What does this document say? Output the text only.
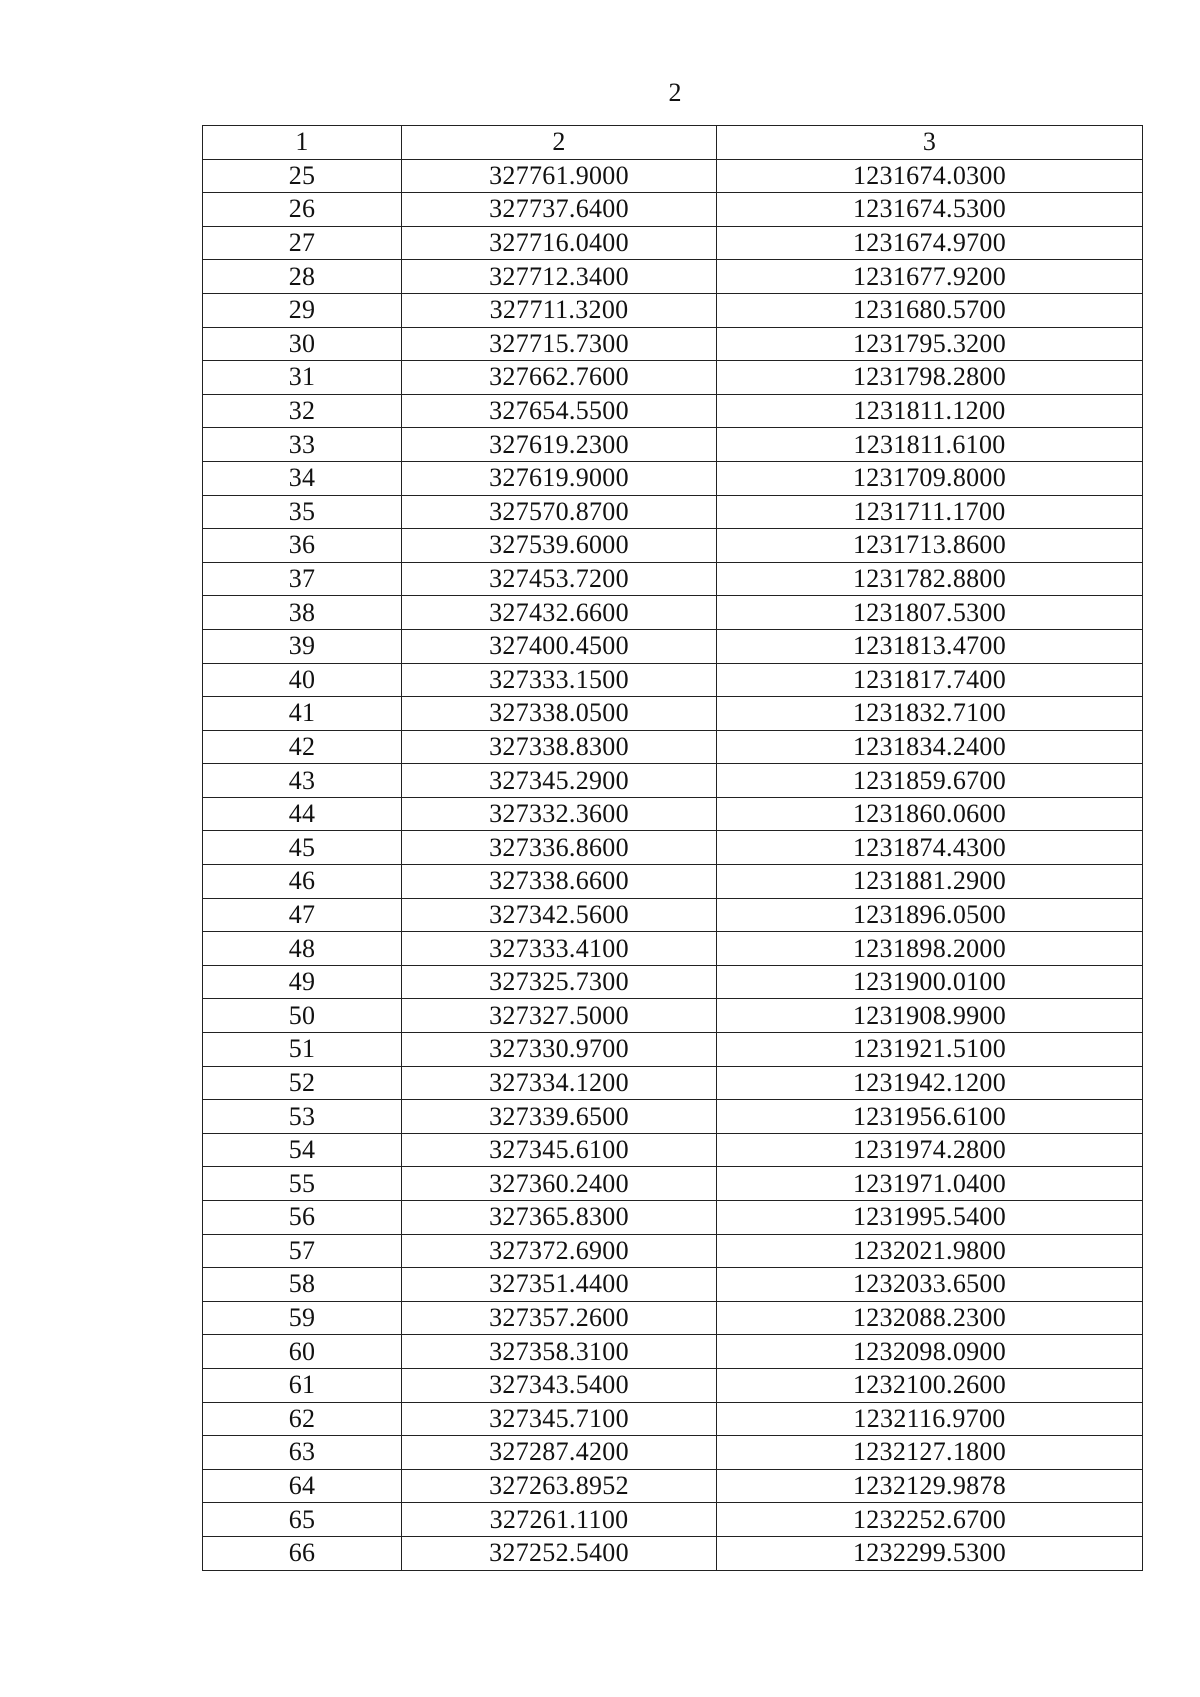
2
1	2	3
25	327761.9000	1231674.0300
26	327737.6400	1231674.5300
27	327716.0400	1231674.9700
28	327712.3400	1231677.9200
29	327711.3200	1231680.5700
30	327715.7300	1231795.3200
31	327662.7600	1231798.2800
32	327654.5500	1231811.1200
33	327619.2300	1231811.6100
34	327619.9000	1231709.8000
35	327570.8700	1231711.1700
36	327539.6000	1231713.8600
37	327453.7200	1231782.8800
38	327432.6600	1231807.5300
39	327400.4500	1231813.4700
40	327333.1500	1231817.7400
41	327338.0500	1231832.7100
42	327338.8300	1231834.2400
43	327345.2900	1231859.6700
44	327332.3600	1231860.0600
45	327336.8600	1231874.4300
46	327338.6600	1231881.2900
47	327342.5600	1231896.0500
48	327333.4100	1231898.2000
49	327325.7300	1231900.0100
50	327327.5000	1231908.9900
51	327330.9700	1231921.5100
52	327334.1200	1231942.1200
53	327339.6500	1231956.6100
54	327345.6100	1231974.2800
55	327360.2400	1231971.0400
56	327365.8300	1231995.5400
57	327372.6900	1232021.9800
58	327351.4400	1232033.6500
59	327357.2600	1232088.2300
60	327358.3100	1232098.0900
61	327343.5400	1232100.2600
62	327345.7100	1232116.9700
63	327287.4200	1232127.1800
64	327263.8952	1232129.9878
65	327261.1100	1232252.6700
66	327252.5400	1232299.5300
